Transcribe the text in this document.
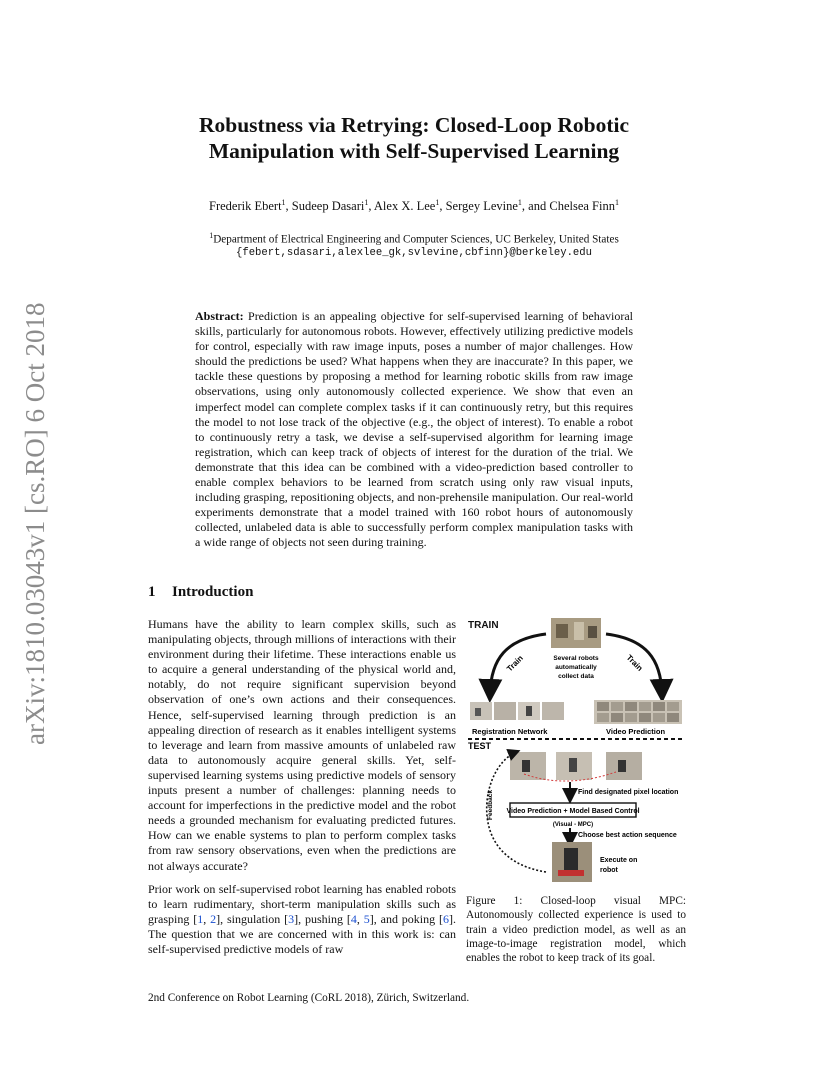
arXiv:1810.03043v1 [cs.RO] 6 Oct 2018
Robustness via Retrying: Closed-Loop Robotic
Manipulation with Self-Supervised Learning
Frederik Ebert$^1$, Sudeep Dasari$^1$, Alex X. Lee$^1$, Sergey Levine$^1$, and Chelsea Finn$^1$
$^1$Department of Electrical Engineering and Computer Sciences, UC Berkeley, United States
{febert,sdasari,alexlee_gk,svlevine,cbfinn}@berkeley.edu
Abstract: Prediction is an appealing objective for self-supervised learning of behavioral skills, particularly for autonomous robots. However, effectively utilizing predictive models for control, especially with raw image inputs, poses a number of major challenges. How should the predictions be used? What happens when they are inaccurate? In this paper, we tackle these questions by proposing a method for learning robotic skills from raw image observations, using only autonomously collected experience. We show that even an imperfect model can complete complex tasks if it can continuously retry, but this requires the model to not lose track of the objective (e.g., the object of interest). To enable a robot to continuously retry a task, we devise a self-supervised algorithm for learning image registration, which can keep track of objects of interest for the duration of the trial. We demonstrate that this idea can be combined with a video-prediction based controller to enable complex behaviors to be learned from scratch using only raw visual inputs, including grasping, repositioning objects, and non-prehensile manipulation. Our real-world experiments demonstrate that a model trained with 160 robot hours of autonomously collected, unlabeled data is able to successfully perform complex manipulation tasks with a wide range of objects not seen during training.
1 Introduction

Humans have the ability to learn complex skills, such as manipulating objects, through millions of interactions with their environment during their lifetime. These interactions enable us to acquire a general understanding of the physical world and, notably, do not require significant supervision beyond observation of one’s own actions and their consequences. Hence, self-supervised learning through prediction is an appealing direction of research as it enables intelligent systems to leverage and learn from massive amounts of unlabeled raw data to autonomously acquire general skills. Yet, self-supervised learning systems using predictive models of sensory inputs present a number of challenges: planning needs to account for imperfections in the predictive model and the robot needs a grounded mechanism for evaluating predicted futures. How can we enable systems to plan to perform complex tasks from raw sensory observations, even when the predictions are not always accurate?

Prior work on self-supervised robot learning has enabled robots to learn rudimentary, short-term manipulation skills such as grasping [1, 2], singulation [3], pushing [4, 5], and poking [6]. The question that we are concerned with in this work is: can self-supervised predictive models of raw

TRAIN
Several robots
automatically
collect data
Train	Train
Registration Network	Video Prediction
TEST
Feedback	Find designated pixel location
Video Prediction + Model Based Control
(Visual - MPC)
Choose best action sequence
Execute on
robot
Figure 1: Closed-loop visual MPC: Autonomously collected experience is used to train a video prediction model, as well as an image-to-image registration model, which enables the robot to keep track of its goal.
2nd Conference on Robot Learning (CoRL 2018), Zürich, Switzerland.
